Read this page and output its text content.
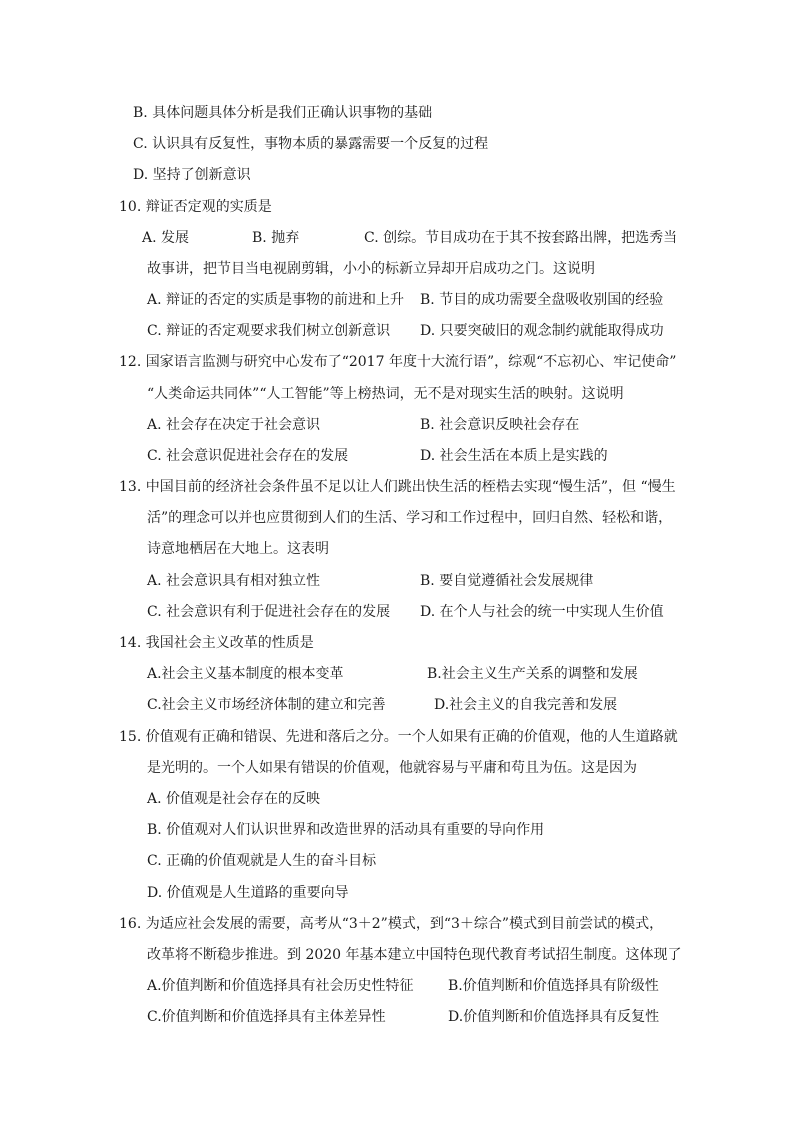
B. 具体问题具体分析是我们正确认识事物的基础
C. 认识具有反复性，事物本质的暴露需要一个反复的过程
D. 坚持了创新意识
10. 辩证否定观的实质是
A. 发展	B. 抛弃	C. 创综。节目成功在于其不按套路出牌，把选秀当
故事讲，把节目当电视剧剪辑，小小的标新立异却开启成功之门。这说明
A. 辩证的否定的实质是事物的前进和上升 B. 节目的成功需要全盘吸收别国的经验
C. 辩证的否定观要求我们树立创新意识 D. 只要突破旧的观念制约就能取得成功
12. 国家语言监测与研究中心发布了“2017 年度十大流行语”，综观“不忘初心、牢记使命”
“人类命运共同体”“人工智能”等上榜热词，无不是对现实生活的映射。这说明
A. 社会存在决定于社会意识	B. 社会意识反映社会存在
C. 社会意识促进社会存在的发展	D. 社会生活在本质上是实践的
13. 中国目前的经济社会条件虽不足以让人们跳出快生活的桎梏去实现“慢生活”，但 “慢生
活”的理念可以并也应贯彻到人们的生活、学习和工作过程中，回归自然、轻松和谐，
诗意地栖居在大地上。这表明
A. 社会意识具有相对独立性	B. 要自觉遵循社会发展规律
C. 社会意识有利于促进社会存在的发展 D. 在个人与社会的统一中实现人生价值
14. 我国社会主义改革的性质是
A.社会主义基本制度的根本变革	B.社会主义生产关系的调整和发展
C.社会主义市场经济体制的建立和完善	D.社会主义的自我完善和发展
15. 价值观有正确和错误、先进和落后之分。一个人如果有正确的价值观，他的人生道路就
是光明的。一个人如果有错误的价值观，他就容易与平庸和苟且为伍。这是因为
A. 价值观是社会存在的反映
B. 价值观对人们认识世界和改造世界的活动具有重要的导向作用
C. 正确的价值观就是人生的奋斗目标
D. 价值观是人生道路的重要向导
16. 为适应社会发展的需要，高考从“3＋2”模式，到“3＋综合”模式到目前尝试的模式，
改革将不断稳步推进。到 2020 年基本建立中国特色现代教育考试招生制度。这体现了
A.价值判断和价值选择具有社会历史性特征 B.价值判断和价值选择具有阶级性
C.价值判断和价值选择具有主体差异性	D.价值判断和价值选择具有反复性
